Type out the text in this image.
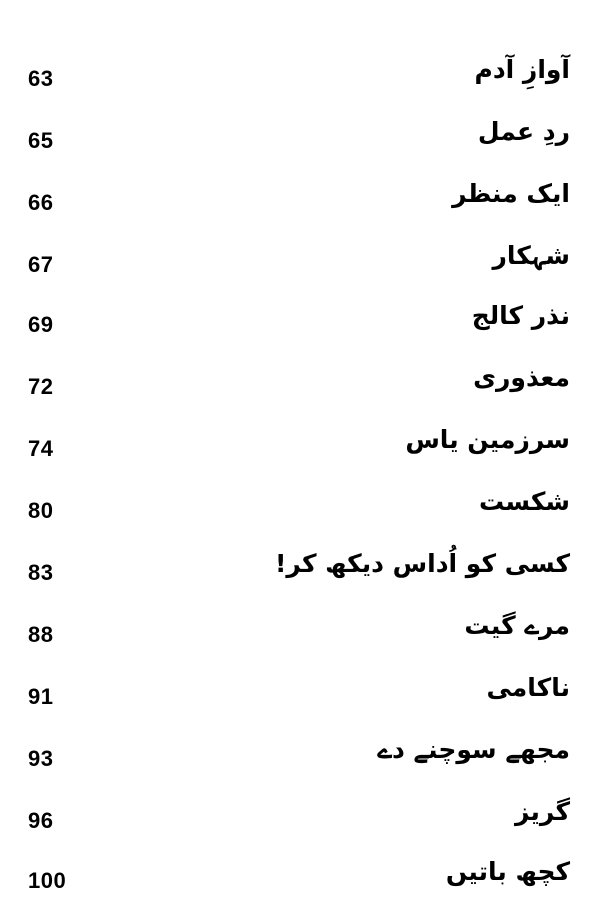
63	آوازِ آدم
65	ردِ عمل
66	ایک منظر
67	شہکار
69	نذر کالج
72	معذوری
74	سرزمین یاس
80	شکست
83	کسی کو اُداس دیکھ کر!
88	مرے گیت
91	ناکامی
93	مجھے سوچنے دے
96	گریز
100	کچھ باتیں
